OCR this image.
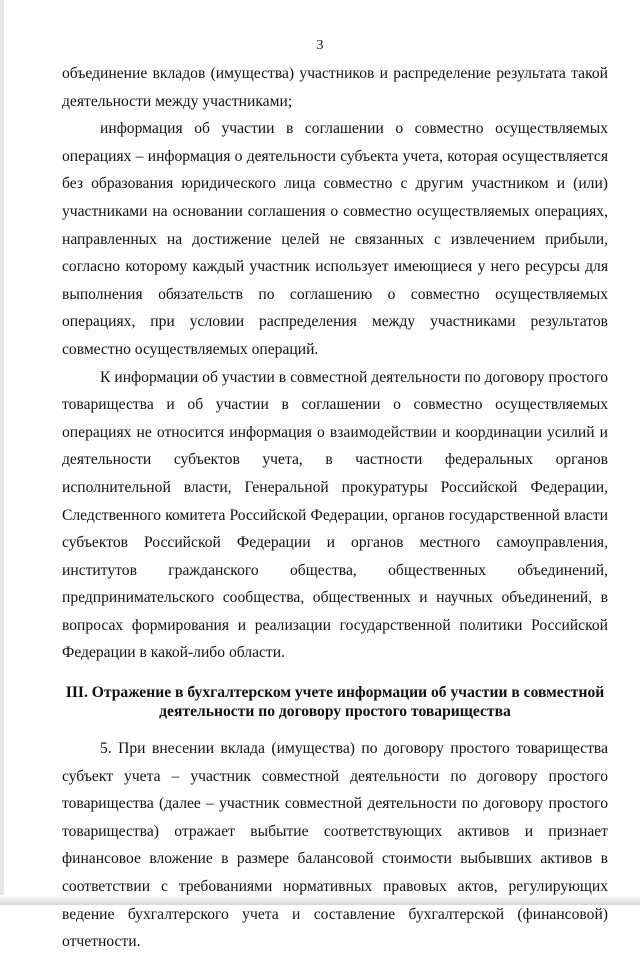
3

объединение вкладов (имущества) участников и распределение результата такой деятельности между участниками;

информация об участии в соглашении о совместно осуществляемых операциях – информация о деятельности субъекта учета, которая осуществляется без образования юридического лица совместно с другим участником и (или) участниками на основании соглашения о совместно осуществляемых операциях, направленных на достижение целей не связанных с извлечением прибыли, согласно которому каждый участник использует имеющиеся у него ресурсы для выполнения обязательств по соглашению о совместно осуществляемых операциях, при условии распределения между участниками результатов совместно осуществляемых операций.

К информации об участии в совместной деятельности по договору простого товарищества и об участии в соглашении о совместно осуществляемых операциях не относится информация о взаимодействии и координации усилий и деятельности субъектов учета, в частности федеральных органов исполнительной власти, Генеральной прокуратуры Российской Федерации, Следственного комитета Российской Федерации, органов государственной власти субъектов Российской Федерации и органов местного самоуправления, институтов гражданского общества, общественных объединений, предпринимательского сообщества, общественных и научных объединений, в вопросах формирования и реализации государственной политики Российской Федерации в какой-либо области.

III. Отражение в бухгалтерском учете информации об участии в совместной деятельности по договору простого товарищества

5. При внесении вклада (имущества) по договору простого товарищества субъект учета – участник совместной деятельности по договору простого товарищества (далее – участник совместной деятельности по договору простого товарищества) отражает выбытие соответствующих активов и признает финансовое вложение в размере балансовой стоимости выбывших активов в соответствии с требованиями нормативных правовых актов, регулирующих ведение бухгалтерского учета и составление бухгалтерской (финансовой) отчетности.
